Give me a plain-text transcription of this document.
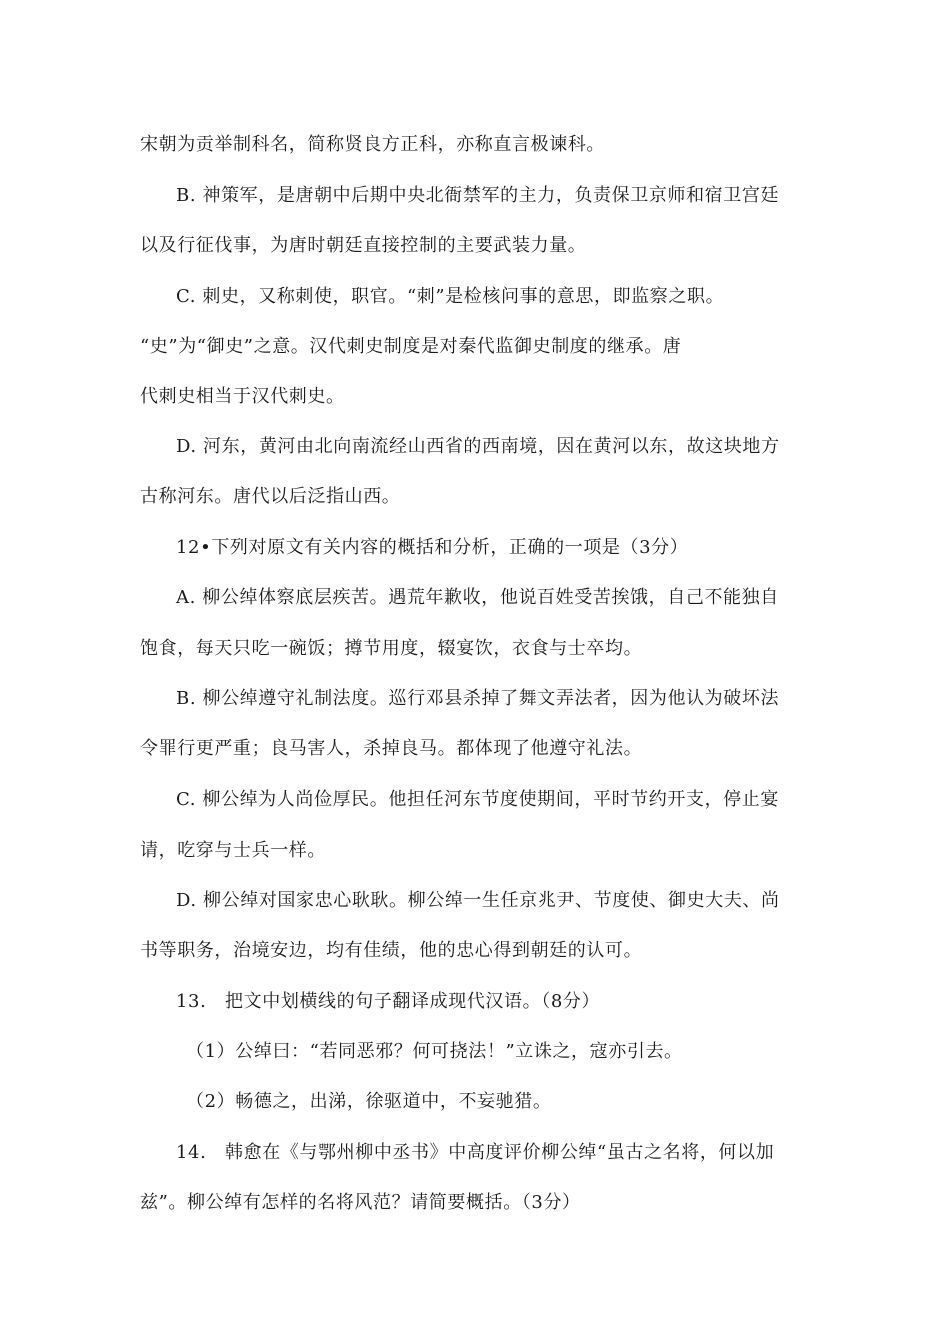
宋朝为贡举制科名，简称贤良方正科，亦称直言极谏科。
B. 神策军，是唐朝中后期中央北衙禁军的主力，负责保卫京师和宿卫宫廷
以及行征伐事，为唐时朝廷直接控制的主要武装力量。
C. 刺史，又称刺使，职官。“刺”是检核问事的意思，即监察之职。
“史”为“御史”之意。汉代刺史制度是对秦代监御史制度的继承。唐
代刺史相当于汉代刺史。
D. 河东，黄河由北向南流经山西省的西南境，因在黄河以东，故这块地方
古称河东。唐代以后泛指山西。
12•下列对原文有关内容的概括和分析，正确的一项是（3分）
A. 柳公绰体察底层疾苦。遇荒年歉收，他说百姓受苦挨饿，自己不能独自
饱食，每天只吃一碗饭；撙节用度，辍宴饮，衣食与士卒均。
B. 柳公绰遵守礼制法度。巡行邓县杀掉了舞文弄法者，因为他认为破坏法
令罪行更严重；良马害人，杀掉良马。都体现了他遵守礼法。
C. 柳公绰为人尚俭厚民。他担任河东节度使期间，平时节约开支，停止宴
请，吃穿与士兵一样。
D. 柳公绰对国家忠心耿耿。柳公绰一生任京兆尹、节度使、御史大夫、尚
书等职务，治境安边，均有佳绩，他的忠心得到朝廷的认可。
13.　把文中划横线的句子翻译成现代汉语。（8分）
（1）公绰曰：“若同恶邪？何可挠法！”立诛之，寇亦引去。
（2）畅德之，出涕，徐驱道中，不妄驰猎。
14.　韩愈在《与鄂州柳中丞书》中高度评价柳公绰“虽古之名将，何以加
兹”。柳公绰有怎样的名将风范？请简要概括。（3分）
